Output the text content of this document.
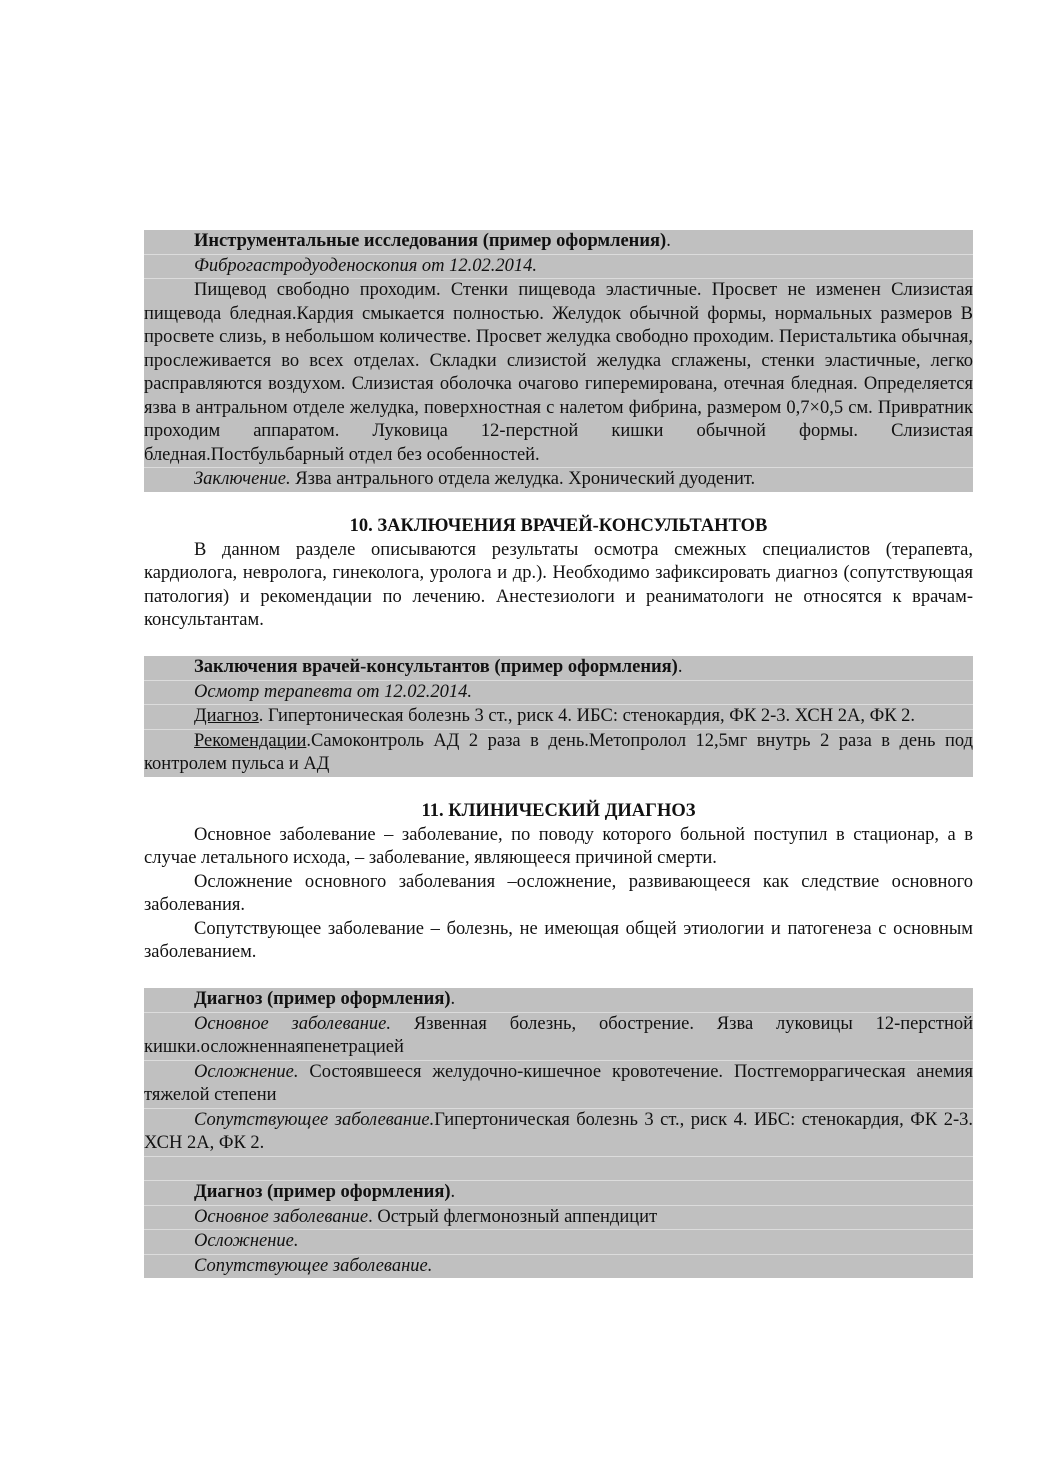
Инструментальные исследования (пример оформления).
Фиброгастродуоденоскопия от 12.02.2014.
Пищевод свободно проходим. Стенки пищевода эластичные. Просвет не изменен Слизистая пищевода бледная.Кардия смыкается полностью. Желудок обычной формы, нормальных размеров В просвете слизь, в небольшом количестве. Просвет желудка свободно проходим. Перистальтика обычная, прослеживается во всех отделах. Складки слизистой желудка сглажены, стенки эластичные, легко расправляются воздухом. Слизистая оболочка очагово гиперемирована, отечная бледная. Определяется язва в антральном отделе желудка, поверхностная с налетом фибрина, размером 0,7×0,5 см. Привратник проходим аппаратом. Луковица 12-перстной кишки обычной формы. Слизистая бледная.Постбульбарный отдел без особенностей.
Заключение. Язва антрального отдела желудка. Хронический дуоденит.
10. ЗАКЛЮЧЕНИЯ ВРАЧЕЙ-КОНСУЛЬТАНТОВ
В данном разделе описываются результаты осмотра смежных специалистов (терапевта, кардиолога, невролога, гинеколога, уролога и др.). Необходимо зафиксировать диагноз (сопутствующая патология) и рекомендации по лечению. Анестезиологи и реаниматологи не относятся к врачам-консультантам.
Заключения врачей-консультантов (пример оформления).
Осмотр терапевта от 12.02.2014.
Диагноз. Гипертоническая болезнь 3 ст., риск 4. ИБС: стенокардия, ФК 2-3. ХСН 2А, ФК 2.
Рекомендации.Самоконтроль АД 2 раза в день.Метопролол 12,5мг внутрь 2 раза в день под контролем пульса и АД
11. КЛИНИЧЕСКИЙ ДИАГНОЗ
Основное заболевание – заболевание, по поводу которого больной поступил в стационар, а в случае летального исхода, – заболевание, являющееся причиной смерти.
Осложнение основного заболевания –осложнение, развивающееся как следствие основного заболевания.
Сопутствующее заболевание – болезнь, не имеющая общей этиологии и патогенеза с основным заболеванием.
Диагноз (пример оформления).
Основное заболевание. Язвенная болезнь, обострение. Язва луковицы 12-перстной кишки.осложненнаяпенетрацией
Осложнение. Состоявшееся желудочно-кишечное кровотечение. Постгеморрагическая анемия тяжелой степени
Сопутствующее заболевание.Гипертоническая болезнь 3 ст., риск 4. ИБС: стенокардия, ФК 2-3. ХСН 2А, ФК 2.
Диагноз (пример оформления).
Основное заболевание. Острый флегмонозный аппендицит
Осложнение.
Сопутствующее заболевание.
